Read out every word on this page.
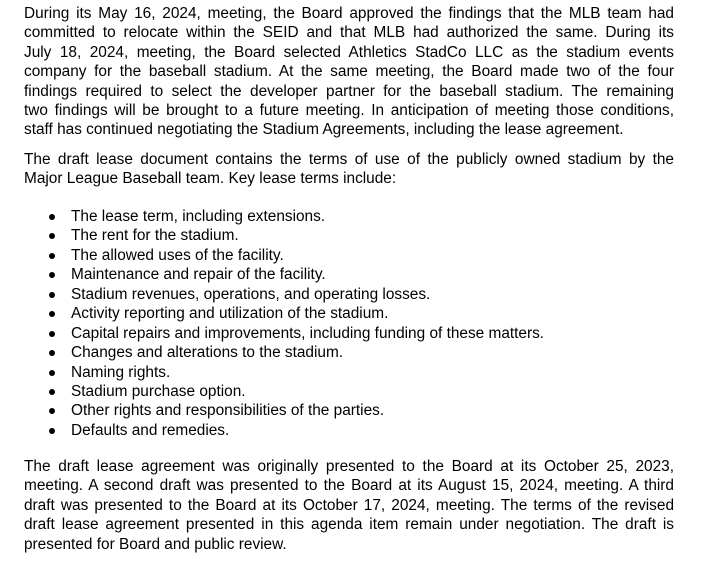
During its May 16, 2024, meeting, the Board approved the findings that the MLB team had
committed to relocate within the SEID and that MLB had authorized the same. During its
July 18, 2024, meeting, the Board selected Athletics StadCo LLC as the stadium events
company for the baseball stadium. At the same meeting, the Board made two of the four
findings required to select the developer partner for the baseball stadium. The remaining
two findings will be brought to a future meeting. In anticipation of meeting those conditions,
staff has continued negotiating the Stadium Agreements, including the lease agreement.

The draft lease document contains the terms of use of the publicly owned stadium by the
Major League Baseball team. Key lease terms include:

The lease term, including extensions.
The rent for the stadium.
The allowed uses of the facility.
Maintenance and repair of the facility.
Stadium revenues, operations, and operating losses.
Activity reporting and utilization of the stadium.
Capital repairs and improvements, including funding of these matters.
Changes and alterations to the stadium.
Naming rights.
Stadium purchase option.
Other rights and responsibilities of the parties.
Defaults and remedies.

The draft lease agreement was originally presented to the Board at its October 25, 2023,
meeting. A second draft was presented to the Board at its August 15, 2024, meeting. A third
draft was presented to the Board at its October 17, 2024, meeting. The terms of the revised
draft lease agreement presented in this agenda item remain under negotiation. The draft is
presented for Board and public review.
